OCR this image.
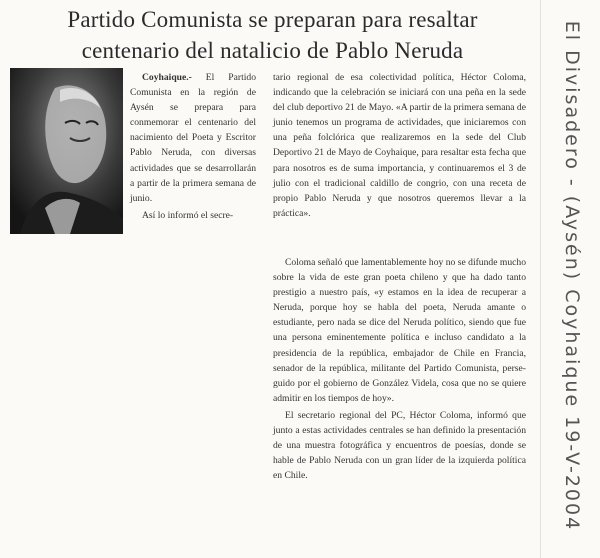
Partido Comunista se preparan para resaltar
centenario del natalicio de Pablo Neruda

Coyhaique.- El Partido Comunista en la región de Aysén se prepara para conmemorar el centenario del nacimiento del Poeta y Escritor Pablo Neruda, con diversas actividades que se desarrollarán a partir de la primera semana de junio.

Así lo informó el secre-

tario regional de esa colectividad política, Héctor Coloma, indicando que la celebración se iniciará con una peña en la sede del club deportivo 21 de Mayo. «A partir de la primera semana de junio tenemos un programa de actividades, que iniciaremos con una peña folclórica que realizaremos en la sede del Club Deportivo 21 de Mayo de Coyhaique, para resaltar esta fecha que para nosotros es de suma importancia, y continuaremos el 3 de julio con el tradicional caldillo de congrio, con una receta de propio Pablo Neruda y que nosotros queremos llevar a la práctica».

Coloma señaló que lamentablemente hoy no se difunde mucho sobre la vida de este gran poeta chileno y que ha dado tanto prestigio a nuestro país, «y estamos en la idea de recuperar a Neruda, porque hoy se habla del poeta, Neruda amante o estudiante, pero nada se dice del Neruda político, siendo que fue una persona eminentemente política e incluso candidato a la presidencia de la república, embajador de Chile en Francia, senador de la república, militante del Partido Comunista, perse-guido por el gobierno de González Videla, cosa que no se quiere admitir en los tiempos de hoy».

El secretario regional del PC, Héctor Coloma, informó que junto a estas actividades centrales se han definido la presentación de una muestra fotográfica y encuentros de poesías, donde se hable de Pablo Neruda con un gran líder de la izquierda política en Chile.	El Divisadero - (Aysén) Coyhaique 19-V-2004
